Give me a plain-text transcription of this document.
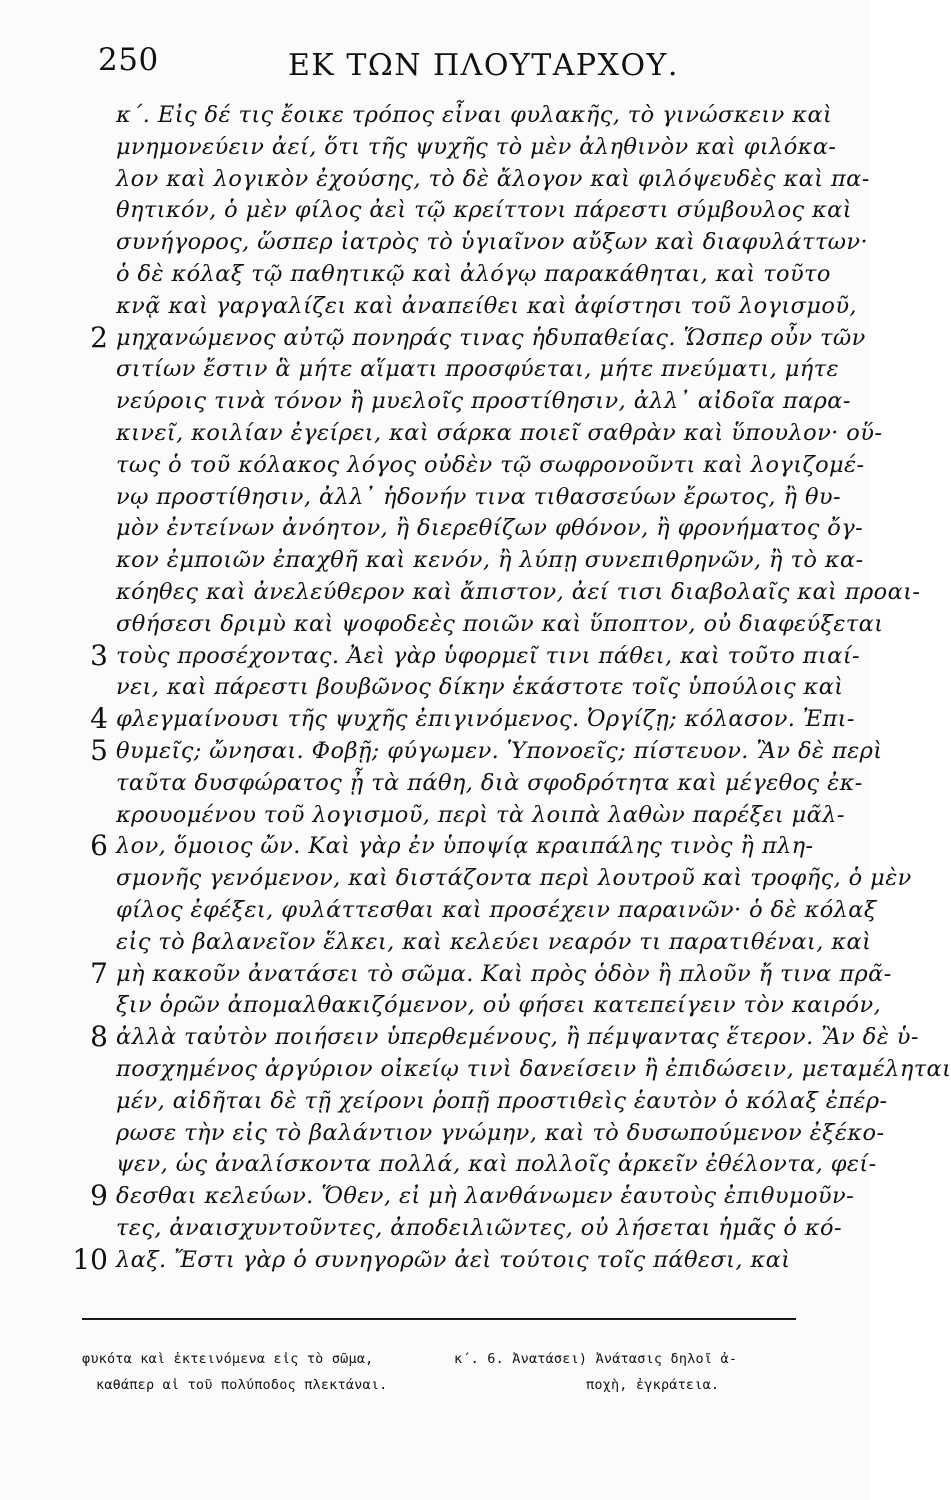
250	ΕΚ ΤΩΝ ΠΛΟΥΤΑΡΧΟΥ.
κ΄. Εἰς δέ τις ἔοικε τρόπος εἶναι φυλακῆς, τὸ γινώσκειν καὶ
μνημονεύειν ἀεί, ὅτι τῆς ψυχῆς τὸ μὲν ἀληθινὸν καὶ φιλόκα-
λον καὶ λογικὸν ἐχούσης, τὸ δὲ ἄλογον καὶ φιλόψευδὲς καὶ πα-
θητικόν, ὁ μὲν φίλος ἀεὶ τῷ κρείττονι πάρεστι σύμβουλος καὶ
συνήγορος, ὥσπερ ἰατρὸς τὸ ὑγιαῖνον αὔξων καὶ διαφυλάττων·
ὁ δὲ κόλαξ τῷ παθητικῷ καὶ ἀλόγῳ παρακάθηται, καὶ τοῦτο
κνᾷ καὶ γαργαλίζει καὶ ἀναπείθει καὶ ἀφίστησι τοῦ λογισμοῦ,
μηχανώμενος αὐτῷ πονηράς τινας ἡδυπαθείας. Ὥσπερ οὖν τῶν
σιτίων ἔστιν ἃ μήτε αἵματι προσφύεται, μήτε πνεύματι, μήτε
νεύροις τινὰ τόνον ἢ μυελοῖς προστίθησιν, ἀλλ᾽ αἰδοῖα παρα-
κινεῖ, κοιλίαν ἐγείρει, καὶ σάρκα ποιεῖ σαθρὰν καὶ ὕπουλον· οὕ-
τως ὁ τοῦ κόλακος λόγος οὐδὲν τῷ σωφρονοῦντι καὶ λογιζομέ-
νῳ προστίθησιν, ἀλλ᾽ ἡδονήν τινα τιθασσεύων ἔρωτος, ἢ θυ-
μὸν ἐντείνων ἀνόητον, ἢ διερεθίζων φθόνον, ἢ φρονήματος ὄγ-
κον ἐμποιῶν ἐπαχθῆ καὶ κενόν, ἢ λύπῃ συνεπιθρηνῶν, ἢ τὸ κα-
κόηθες καὶ ἀνελεύθερον καὶ ἄπιστον, ἀεί τισι διαβολαῖς καὶ προαι-
σθήσεσι δριμὺ καὶ ψοφοδεὲς ποιῶν καὶ ὕποπτον, οὐ διαφεύξεται
τοὺς προσέχοντας. Ἀεὶ γὰρ ὑφορμεῖ τινι πάθει, καὶ τοῦτο πιαί-
νει, καὶ πάρεστι βουβῶνος δίκην ἑκάστοτε τοῖς ὑπούλοις καὶ
φλεγμαίνουσι τῆς ψυχῆς ἐπιγινόμενος. Ὀργίζῃ; κόλασον. Ἐπι-
θυμεῖς; ὤνησαι. Φοβῇ; φύγωμεν. Ὑπονοεῖς; πίστευον. Ἂν δὲ περὶ
ταῦτα δυσφώρατος ᾖ τὰ πάθη, διὰ σφοδρότητα καὶ μέγεθος ἐκ-
κρουομένου τοῦ λογισμοῦ, περὶ τὰ λοιπὰ λαθὼν παρέξει μᾶλ-
λον, ὅμοιος ὤν. Καὶ γὰρ ἐν ὑποψίᾳ κραιπάλης τινὸς ἢ πλη-
σμονῆς γενόμενον, καὶ διστάζοντα περὶ λουτροῦ καὶ τροφῆς, ὁ μὲν
φίλος ἐφέξει, φυλάττεσθαι καὶ προσέχειν παραινῶν· ὁ δὲ κόλαξ
εἰς τὸ βαλανεῖον ἕλκει, καὶ κελεύει νεαρόν τι παρατιθέναι, καὶ
μὴ κακοῦν ἀνατάσει τὸ σῶμα. Καὶ πρὸς ὁδὸν ἢ πλοῦν ἤ τινα πρᾶ-
ξιν ὁρῶν ἀπομαλθακιζόμενον, οὐ φήσει κατεπείγειν τὸν καιρόν,
ἀλλὰ ταὐτὸν ποιήσειν ὑπερθεμένους, ἢ πέμψαντας ἕτερον. Ἂν δὲ ὑ-
ποσχημένος ἀργύριον οἰκείῳ τινὶ δανείσειν ἢ ἐπιδώσειν, μεταμέληται
μέν, αἰδῆται δὲ τῇ χείρονι ῥοπῇ προστιθεὶς ἑαυτὸν ὁ κόλαξ ἐπέρ-
ρωσε τὴν εἰς τὸ βαλάντιον γνώμην, καὶ τὸ δυσωπούμενον ἐξέκο-
ψεν, ὡς ἀναλίσκοντα πολλά, καὶ πολλοῖς ἀρκεῖν ἐθέλοντα, φεί-
δεσθαι κελεύων. Ὅθεν, εἰ μὴ λανθάνωμεν ἑαυτοὺς ἐπιθυμοῦν-
τες, ἀναισχυντοῦντες, ἀποδειλιῶντες, οὐ λήσεται ἡμᾶς ὁ κό-
λαξ. Ἔστι γὰρ ὁ συνηγορῶν ἀεὶ τούτοις τοῖς πάθεσι, καὶ
2
3
4
5
6
7
8
9
10
φυκότα καὶ ἐκτεινόμενα εἰς τὸ σῶμα,
καθάπερ αἱ τοῦ πολύποδος πλεκτάναι.
κ΄. 6. Ἀνατάσει) Ἀνάτασις δηλοῖ ἀ-
ποχὴ, ἐγκράτεια.
